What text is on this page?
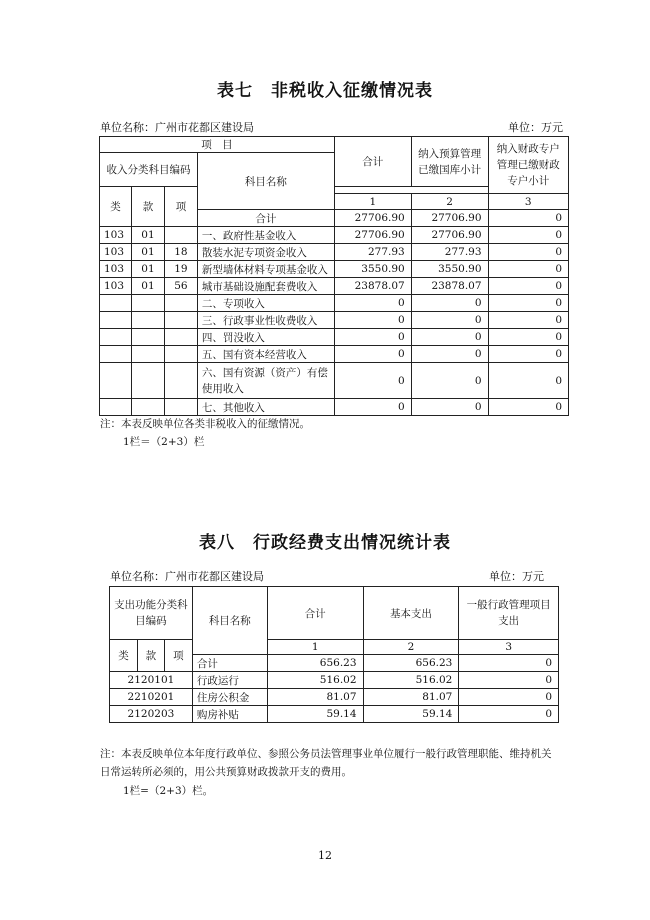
表七　非税收入征缴情况表
单位名称：广州市花都区建设局	单位：万元
项　目				合计	纳入预算管理已缴国库小计	纳入财政专户管理已缴财政专户小计
收入分类科目编码			科目名称			
类	款	项				
				1	2	3
			合计	27706.90	27706.90	0
103	01		一、政府性基金收入	27706.90	27706.90	0
103	01	18	散装水泥专项资金收入	277.93	277.93	0
103	01	19	新型墙体材料专项基金收入	3550.90	3550.90	0
103	01	56	城市基础设施配套费收入	23878.07	23878.07	0
			二、专项收入	0	0	0
			三、行政事业性收费收入	0	0	0
			四、罚没收入	0	0	0
			五、国有资本经营收入	0	0	0
			六、国有资源（资产）有偿使用收入	0	0	0
			七、其他收入	0	0	0
注：本表反映单位各类非税收入的征缴情况。
1栏＝（2+3）栏
表八　行政经费支出情况统计表
单位名称：广州市花都区建设局	单位：万元
支出功能分类科目编码			科目名称	合计	基本支出	一般行政管理项目支出
类	款	项		1	2	3
			合计	656.23	656.23	0
2120101			行政运行	516.02	516.02	0
2210201			住房公积金	81.07	81.07	0
2120203			购房补贴	59.14	59.14	0
注：本表反映单位本年度行政单位、参照公务员法管理事业单位履行一般行政管理职能、维持机关日常运转所必须的，用公共预算财政拨款开支的费用。
1栏=（2+3）栏。
12
